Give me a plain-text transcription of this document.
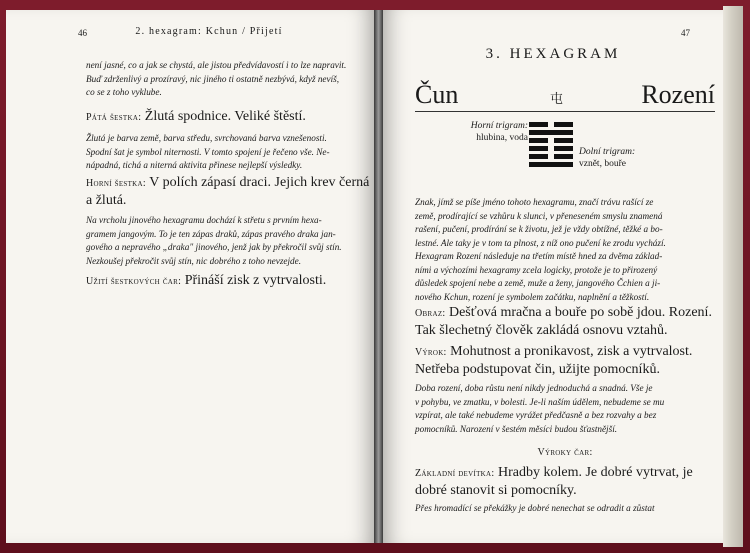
46	2. hexagram: Kchun / Přijetí

není jasné, co a jak se chystá, ale jistou předvídavostí i to lze napravit.

Buď zdrženlivý a prozíravý, nic jiného ti ostatně nezbývá, když nevíš,

co se z toho vyklube.

Pátá šestka: Žlutá spodnice. Veliké štěstí.

Žlutá je barva země, barva středu, svrchovaná barva vznešenosti.

Spodní šat je symbol niternosti. V tomto spojení je řečeno vše. Ne-

nápadná, tichá a niterná aktivita přinese nejlepší výsledky.

Horní šestka: V polích zápasí draci. Jejich krev černá

a žlutá.

Na vrcholu jinového hexagramu dochází k střetu s prvním hexa-

gramem jangovým. To je ten zápas draků, zápas pravého draka jan-

gového a nepravého „draka" jinového, jenž jak by překročil svůj stín.

Nezkoušej překročit svůj stín, nic dobrého z toho nevzejde.

Užití šestkových čar: Přináší zisk z vytrvalosti.

47
3. HEXAGRAM
Čun	屯	Rození
Horní trigram:
hlubina, voda
Dolní trigram:
vznět, bouře

Znak, jímž se píše jméno tohoto hexagramu, značí trávu rašící ze

země, prodírající se vzhůru k slunci, v přeneseném smyslu znamená

rašení, pučení, prodírání se k životu, jež je vždy obtížné, těžké a bo-

lestné. Ale taky je v tom ta plnost, z níž ono pučení ke zrodu vychází.

Hexagram Rození následuje na třetím místě hned za dvěma základ-

ními a výchozími hexagramy zcela logicky, protože je to přirozený

důsledek spojení nebe a země, muže a ženy, jangového Čchien a ji-

nového Kchun, rození je symbolem začátku, naplnění a těžkostí.

Obraz: Dešťová mračna a bouře po sobě jdou. Rození.

Tak šlechetný člověk zakládá osnovu vztahů.

Výrok: Mohutnost a pronikavost, zisk a vytrvalost.

Netřeba podstupovat čin, užijte pomocníků.

Doba rození, doba růstu není nikdy jednoduchá a snadná. Vše je

v pohybu, ve zmatku, v bolesti. Je-li naším údělem, nebudeme se mu

vzpírat, ale také nebudeme vyrážet předčasně a bez rozvahy a bez

pomocníků. Narození v šestém měsíci budou šťastnější.

Výroky čar:

Základní devítka: Hradby kolem. Je dobré vytrvat, je

dobré stanovit si pomocníky.

Přes hromadící se překážky je dobré nenechat se odradit a zůstat
